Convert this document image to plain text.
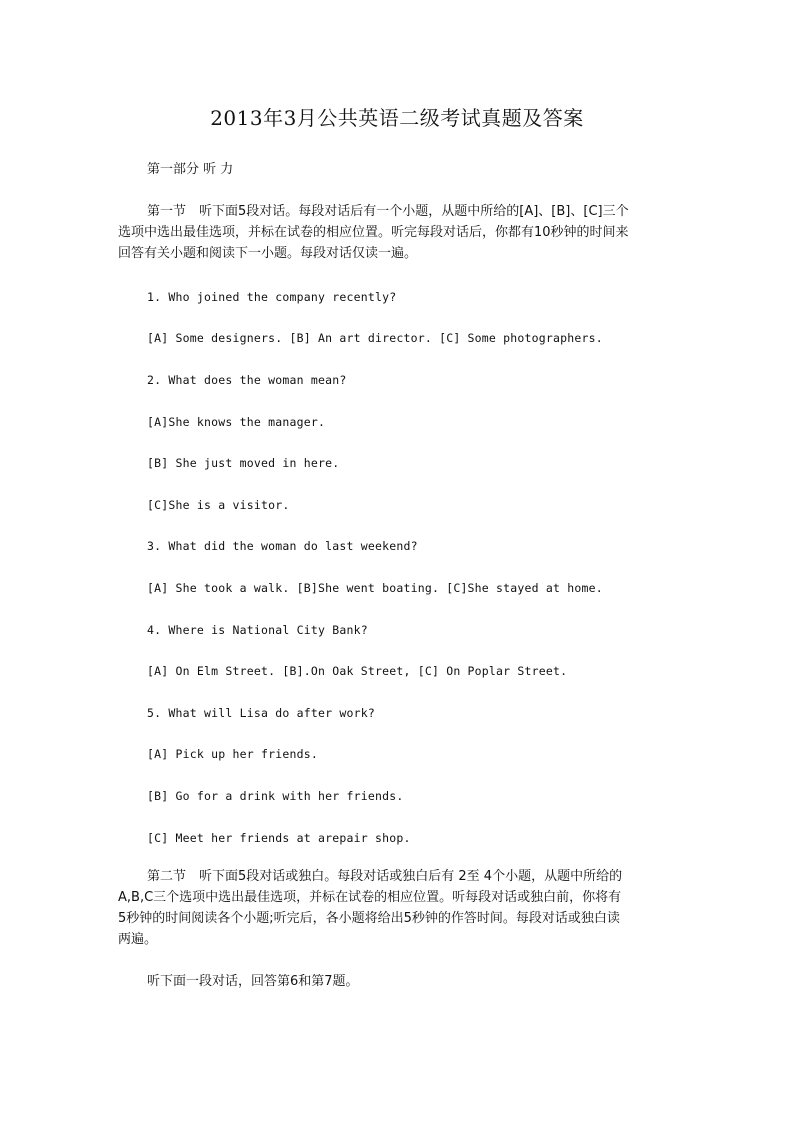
2013年3月公共英语二级考试真题及答案
第一部分 听 力
第一节　听下面5段对话。每段对话后有一个小题，从题中所给的[A]、[B]、[C]三个
选项中选出最佳选项，并标在试卷的相应位置。听完每段对话后，你都有10秒钟的时间来
回答有关小题和阅读下一小题。每段对话仅读一遍。
1. Who joined the company recently?
[A] Some designers. [B] An art director. [C] Some photographers.
2. What does the woman mean?
[A]She knows the manager.
[B] She just moved in here.
[C]She is a visitor.
3. What did the woman do last weekend?
[A] She took a walk. [B]She went boating. [C]She stayed at home.
4. Where is National City Bank?
[A] On Elm Street. [B].On Oak Street, [C] On Poplar Street.
5. What will Lisa do after work?
[A] Pick up her friends.
[B] Go for a drink with her friends.
[C] Meet her friends at arepair shop.
第二节　听下面5段对话或独白。每段对话或独白后有 2至 4个小题，从题中所给的
A,B,C三个选项中选出最佳选项，并标在试卷的相应位置。听每段对话或独白前，你将有
5秒钟的时间阅读各个小题;听完后，各小题将给出5秒钟的作答时间。每段对话或独白读
两遍。
听下面一段对话，回答第6和第7题。
